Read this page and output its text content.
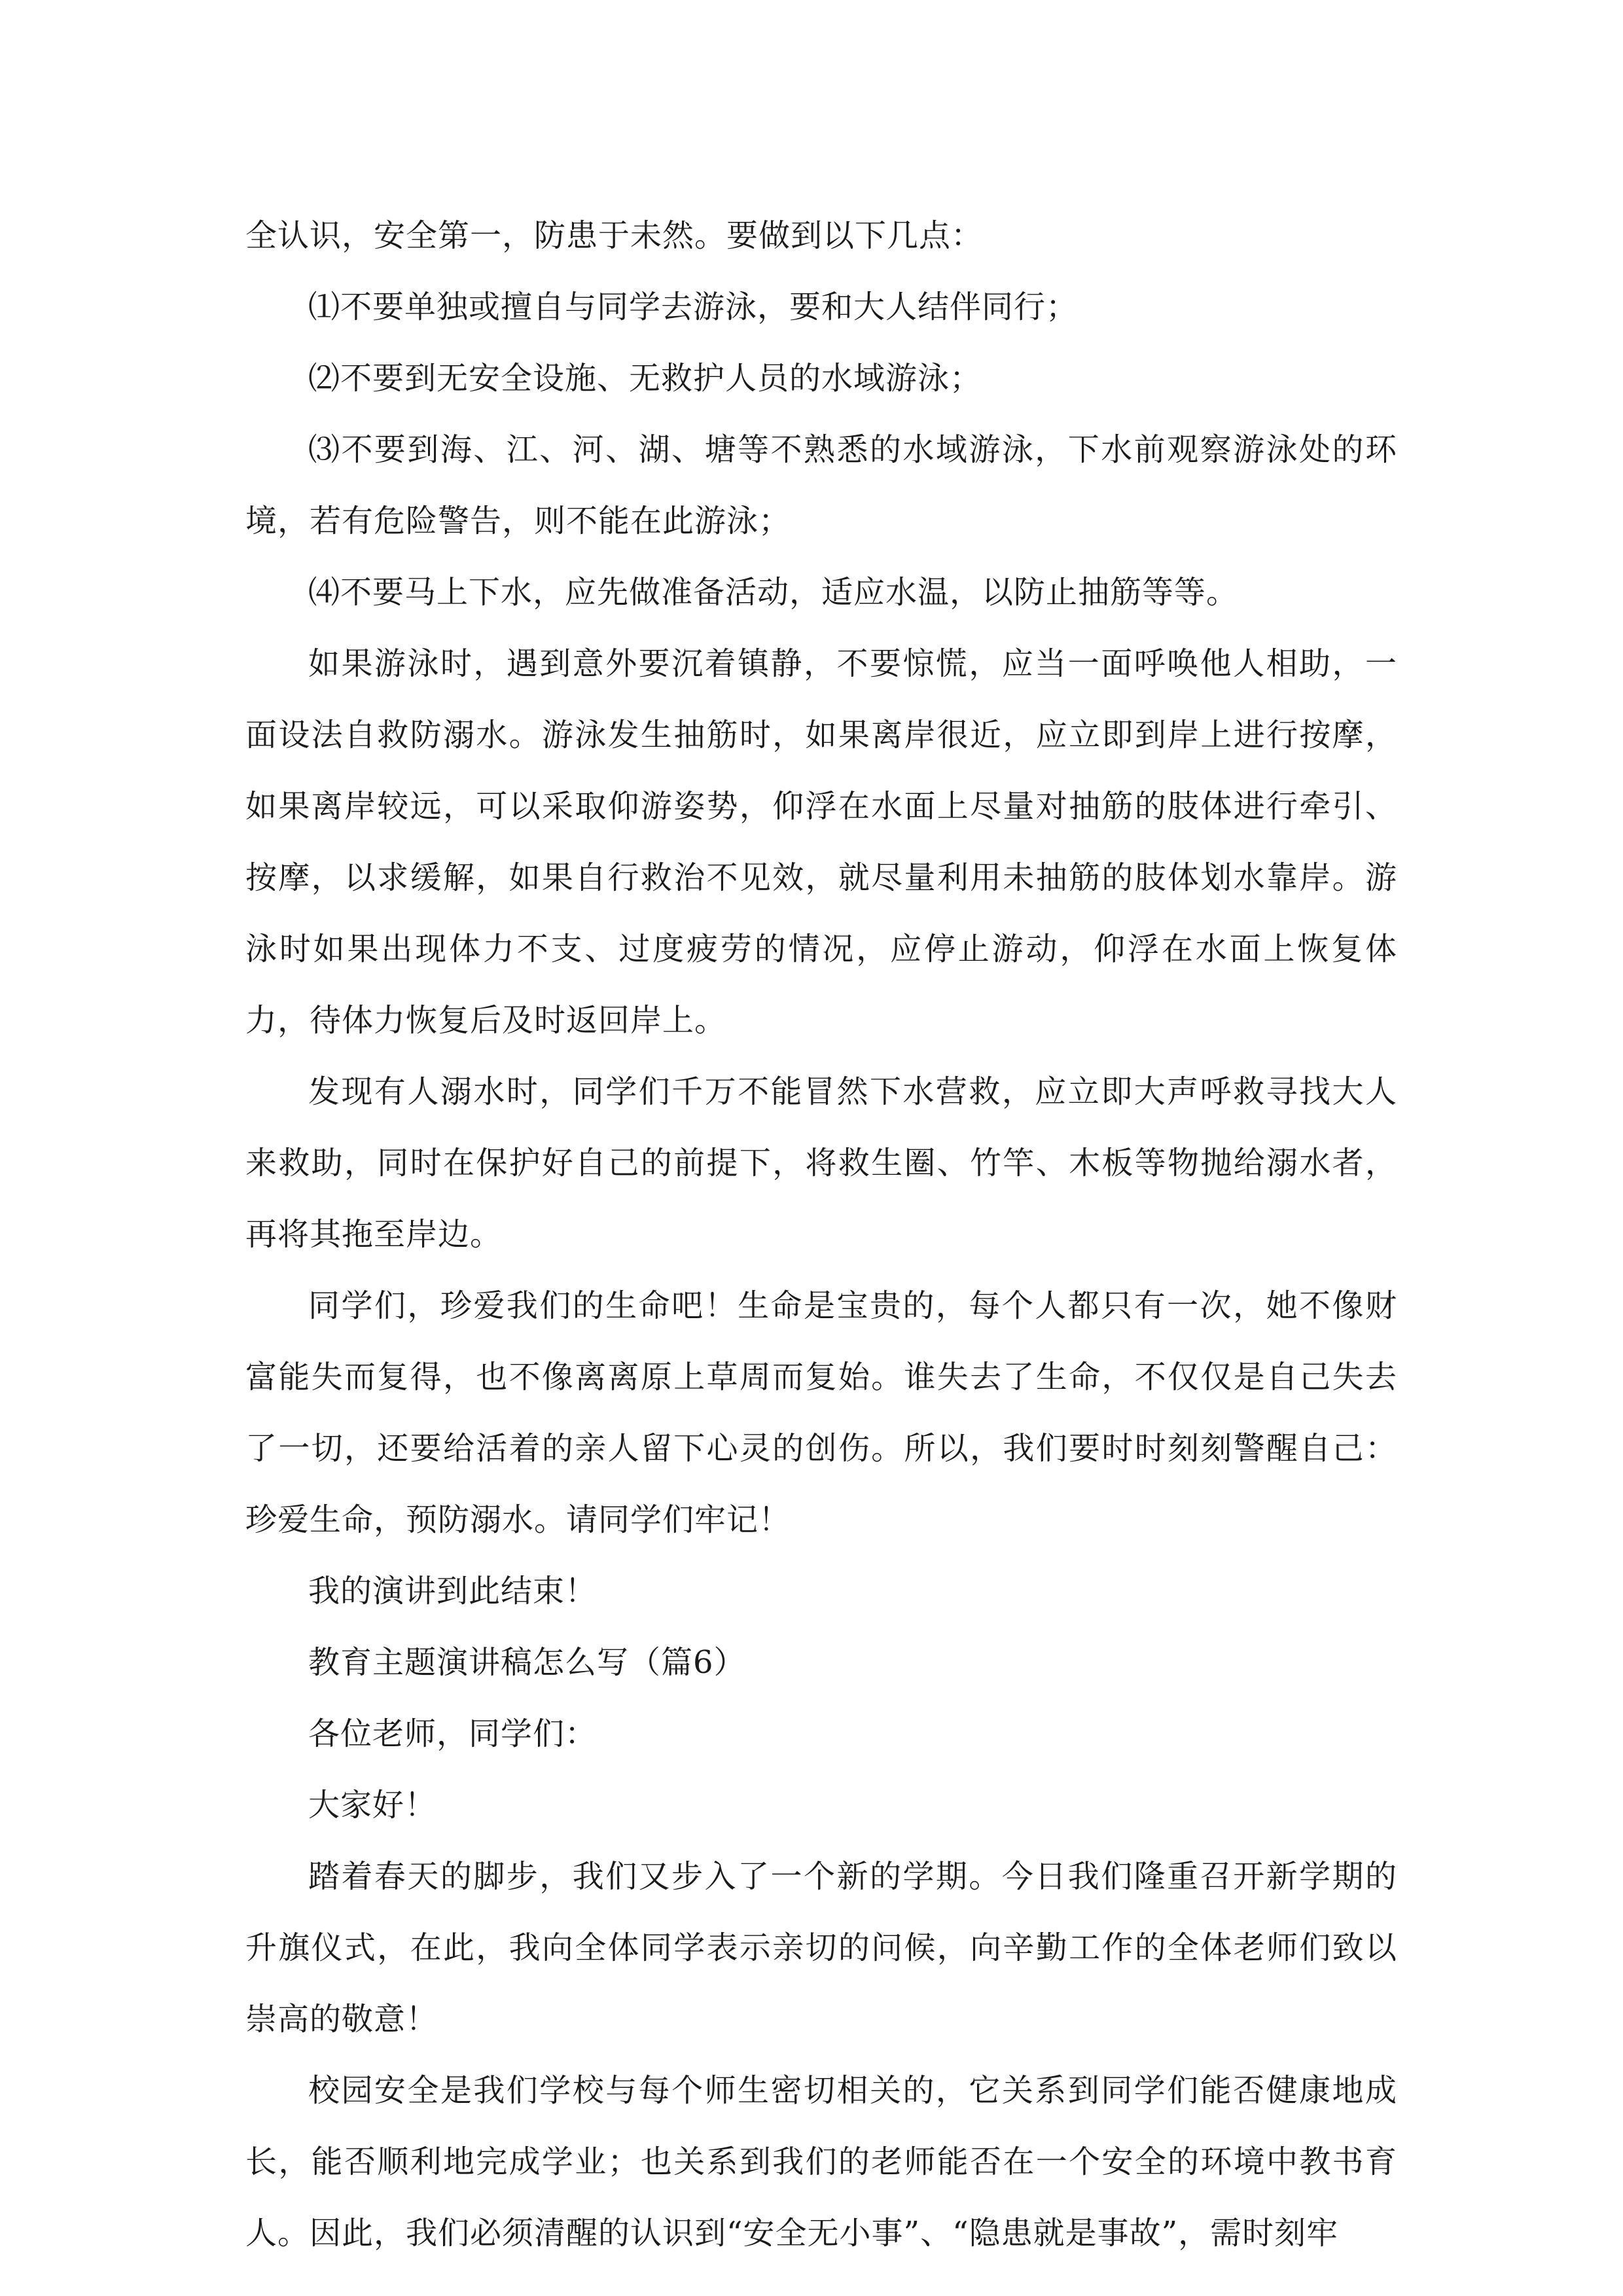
全认识，安全第一，防患于未然。要做到以下几点：

⑴不要单独或擅自与同学去游泳，要和大人结伴同行；

⑵不要到无安全设施、无救护人员的水域游泳；

⑶不要到海、江、河、湖、塘等不熟悉的水域游泳，下水前观察游泳处的环境，若有危险警告，则不能在此游泳；

⑷不要马上下水，应先做准备活动，适应水温，以防止抽筋等等。

如果游泳时，遇到意外要沉着镇静，不要惊慌，应当一面呼唤他人相助，一面设法自救防溺水。游泳发生抽筋时，如果离岸很近，应立即到岸上进行按摩，如果离岸较远，可以采取仰游姿势，仰浮在水面上尽量对抽筋的肢体进行牵引、按摩，以求缓解，如果自行救治不见效，就尽量利用未抽筋的肢体划水靠岸。游泳时如果出现体力不支、过度疲劳的情况，应停止游动，仰浮在水面上恢复体力，待体力恢复后及时返回岸上。

发现有人溺水时，同学们千万不能冒然下水营救，应立即大声呼救寻找大人来救助，同时在保护好自己的前提下，将救生圈、竹竿、木板等物抛给溺水者，再将其拖至岸边。

同学们，珍爱我们的生命吧！生命是宝贵的，每个人都只有一次，她不像财富能失而复得，也不像离离原上草周而复始。谁失去了生命，不仅仅是自己失去了一切，还要给活着的亲人留下心灵的创伤。所以，我们要时时刻刻警醒自己：珍爱生命，预防溺水。请同学们牢记！

我的演讲到此结束！

教育主题演讲稿怎么写（篇6）

各位老师，同学们：

大家好！

踏着春天的脚步，我们又步入了一个新的学期。今日我们隆重召开新学期的升旗仪式，在此，我向全体同学表示亲切的问候，向辛勤工作的全体老师们致以崇高的敬意！

校园安全是我们学校与每个师生密切相关的，它关系到同学们能否健康地成长，能否顺利地完成学业；也关系到我们的老师能否在一个安全的环境中教书育人。因此，我们必须清醒的认识到“安全无小事”、“隐患就是事故”，需时刻牢
